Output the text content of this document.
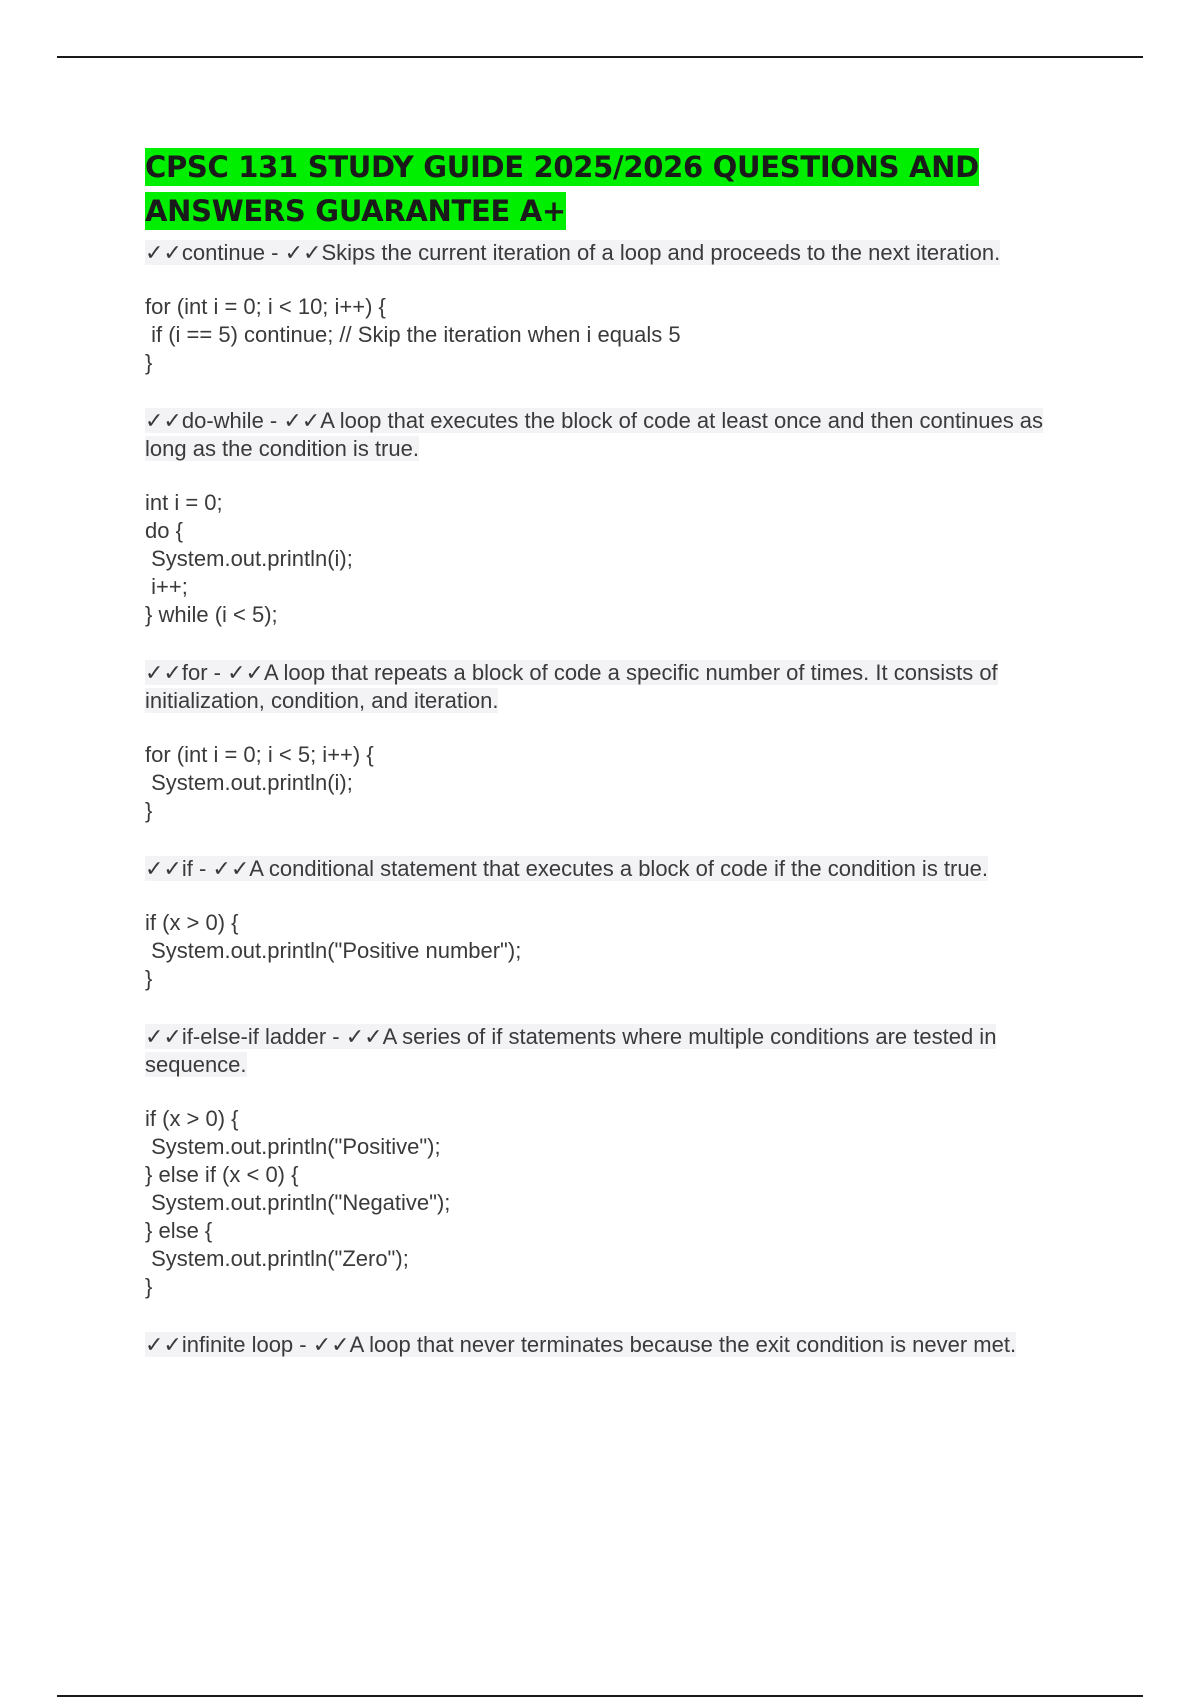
CPSC 131 STUDY GUIDE 2025/2026 QUESTIONS AND ANSWERS GUARANTEE A+

✓✓continue - ✓✓Skips the current iteration of a loop and proceeds to the next iteration.

for (int i = 0; i < 10; i++) {
if (i == 5) continue; // Skip the iteration when i equals 5
}

✓✓do-while - ✓✓A loop that executes the block of code at least once and then continues as long as the condition is true.

int i = 0;
do {
System.out.println(i);
i++;
} while (i < 5);

✓✓for - ✓✓A loop that repeats a block of code a specific number of times. It consists of initialization, condition, and iteration.

for (int i = 0; i < 5; i++) {
System.out.println(i);
}

✓✓if - ✓✓A conditional statement that executes a block of code if the condition is true.

if (x > 0) {
System.out.println("Positive number");
}

✓✓if-else-if ladder - ✓✓A series of if statements where multiple conditions are tested in sequence.

if (x > 0) {
System.out.println("Positive");
} else if (x < 0) {
System.out.println("Negative");
} else {
System.out.println("Zero");
}

✓✓infinite loop - ✓✓A loop that never terminates because the exit condition is never met.
